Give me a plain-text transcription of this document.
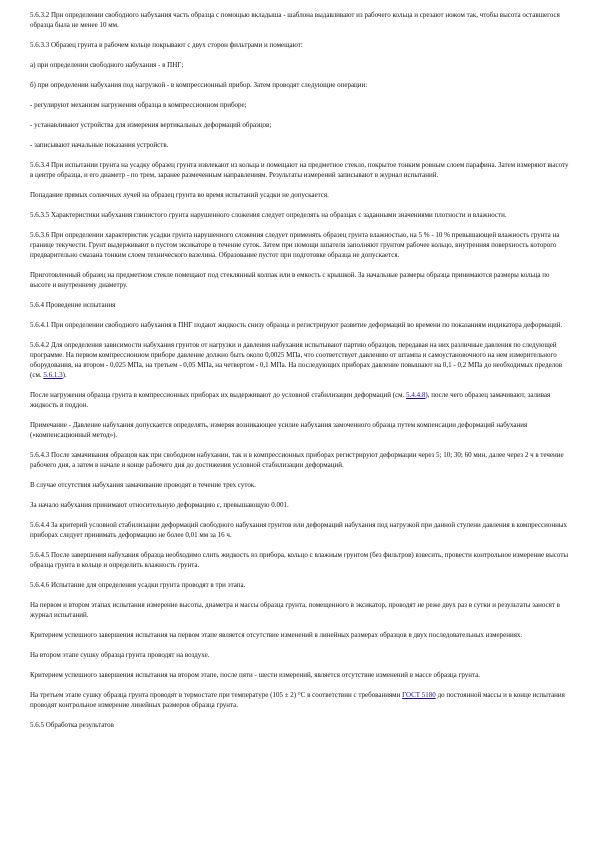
5.6.3.2 При определении свободного набухания часть образца с помощью вкладыша - шаблона выдавливают из рабочего кольца и срезают ножом так, чтобы высота оставшегося образца была не менее 10 мм.

5.6.3.3 Образец грунта в рабочем кольце покрывают с двух сторон фильтрами и помещают:

а) при определении свободного набухания - в ПНГ;

б) при определении набухания под нагрузкой - в компрессионный прибор. Затем проводят следующие операции:

- регулируют механизм нагружения образца в компрессионном приборе;

- устанавливают устройства для измерения вертикальных деформаций образцов;

- записывают начальные показания устройств.

5.6.3.4 При испытании грунта на усадку образец грунта извлекают из кольца и помещают на предметное стекло, покрытое тонким ровным слоем парафина. Затем измеряют высоту в центре образца, и его диаметр - по трем, заранее размеченным направлениям. Результаты измерений записывают в журнал испытаний.

Попадание прямых солнечных лучей на образец грунта во время испытаний усадки не допускается.

5.6.3.5 Характеристики набухания глинистого грунта нарушенного сложения следует определять на образцах с заданными значениями плотности и влажности.

5.6.3.6 При определении характеристик усадки грунта нарушенного сложения следует применять образец грунта влажностью, на 5 % - 10 % превышающей влажность грунта на границе текучести. Грунт выдерживают в пустом эксикаторе в течение суток. Затем при помощи шпателя заполняют грунтом рабочее кольцо, внутренняя поверхность которого предварительно смазана тонким слоем технического вазелина. Образование пустот при подготовке образца не допускается.

Приготовленный образец на предметном стекле помещают под стеклянный колпак или в емкость с крышкой. За начальные размеры образца принимаются размеры кольца по высоте и внутреннему диаметру.

5.6.4 Проведение испытания

5.6.4.1 При определении свободного набухания в ПНГ подают жидкость снизу образца и регистрируют развитие деформаций во времени по показаниям индикатора деформаций.

5.6.4.2 Для определения зависимости набухания грунтов от нагрузки и давления набухания испытывают партию образцов, передавая на них различные давления по следующей программе. На первом компрессионном приборе давление должно быть около 0,0025 МПа, что соответствует давлению от штампа и самоустановочного на нем измерительного оборудования, на втором - 0,025 МПа, на третьем - 0,05 МПа, на четвертом - 0,1 МПа. На последующих приборах давление повышают на 0,1 - 0,2 МПа до необходимых пределов (см. 5.6.1.3).

После нагружения образца грунта в компрессионных приборах их выдерживают до условной стабилизации деформаций (см. 5.4.4.8), после чего образец замачивают, заливая жидкость в поддон.

Примечание - Давление набухания допускается определять, измеряя возникающее усилие набухания замоченного образца путем компенсации деформаций набухания («компенсационный метод»).

5.6.4.3 После замачивания образцов как при свободном набухании, так и в компрессионных приборах регистрируют деформации через 5; 10; 30; 60 мин, далее через 2 ч в течение рабочего дня, а затем в начале и конце рабочего дня до достижения условной стабилизации деформаций.

В случае отсутствия набухания замачивание проводят в течение трех суток.

За начало набухания принимают относительную деформацию ε, превышающую 0.001.

5.6.4.4 За критерий условной стабилизации деформаций свободного набухания грунтов или деформаций набухания под нагрузкой при данной ступени давления в компрессионных приборах следует принимать деформацию не более 0,01 мм за 16 ч.

5.6.4.5 После завершения набухания образца необходимо слить жидкость из прибора, кольцо с влажным грунтом (без фильтров) взвесить, провести контрольное измерение высоты образца грунта в кольце и определить влажность грунта.

5.6.4.6 Испытание для определения усадки грунта проводят в три этапа.

На первом и втором этапах испытания измерение высоты, диаметра и массы образца грунта, помещенного в эксикатор, проводят не реже двух раз в сутки и результаты заносят в журнал испытаний.

Критерием успешного завершения испытания на первом этапе является отсутствие изменений в линейных размерах образцов в двух последовательных измерениях.

На втором этапе сушку образца грунта проводят на воздухе.

Критерием успешного завершения испытания на втором этапе, после пяти - шести измерений, является отсутствие изменений в массе образца грунта.

На третьем этапе сушку образца грунта проводят в термостате при температуре (105 ± 2) °С в соответствии с требованиями ГОСТ 5180 до постоянной массы и в конце испытания проводят контрольное измерение линейных размеров образца грунта.

5.6.5 Обработка результатов
